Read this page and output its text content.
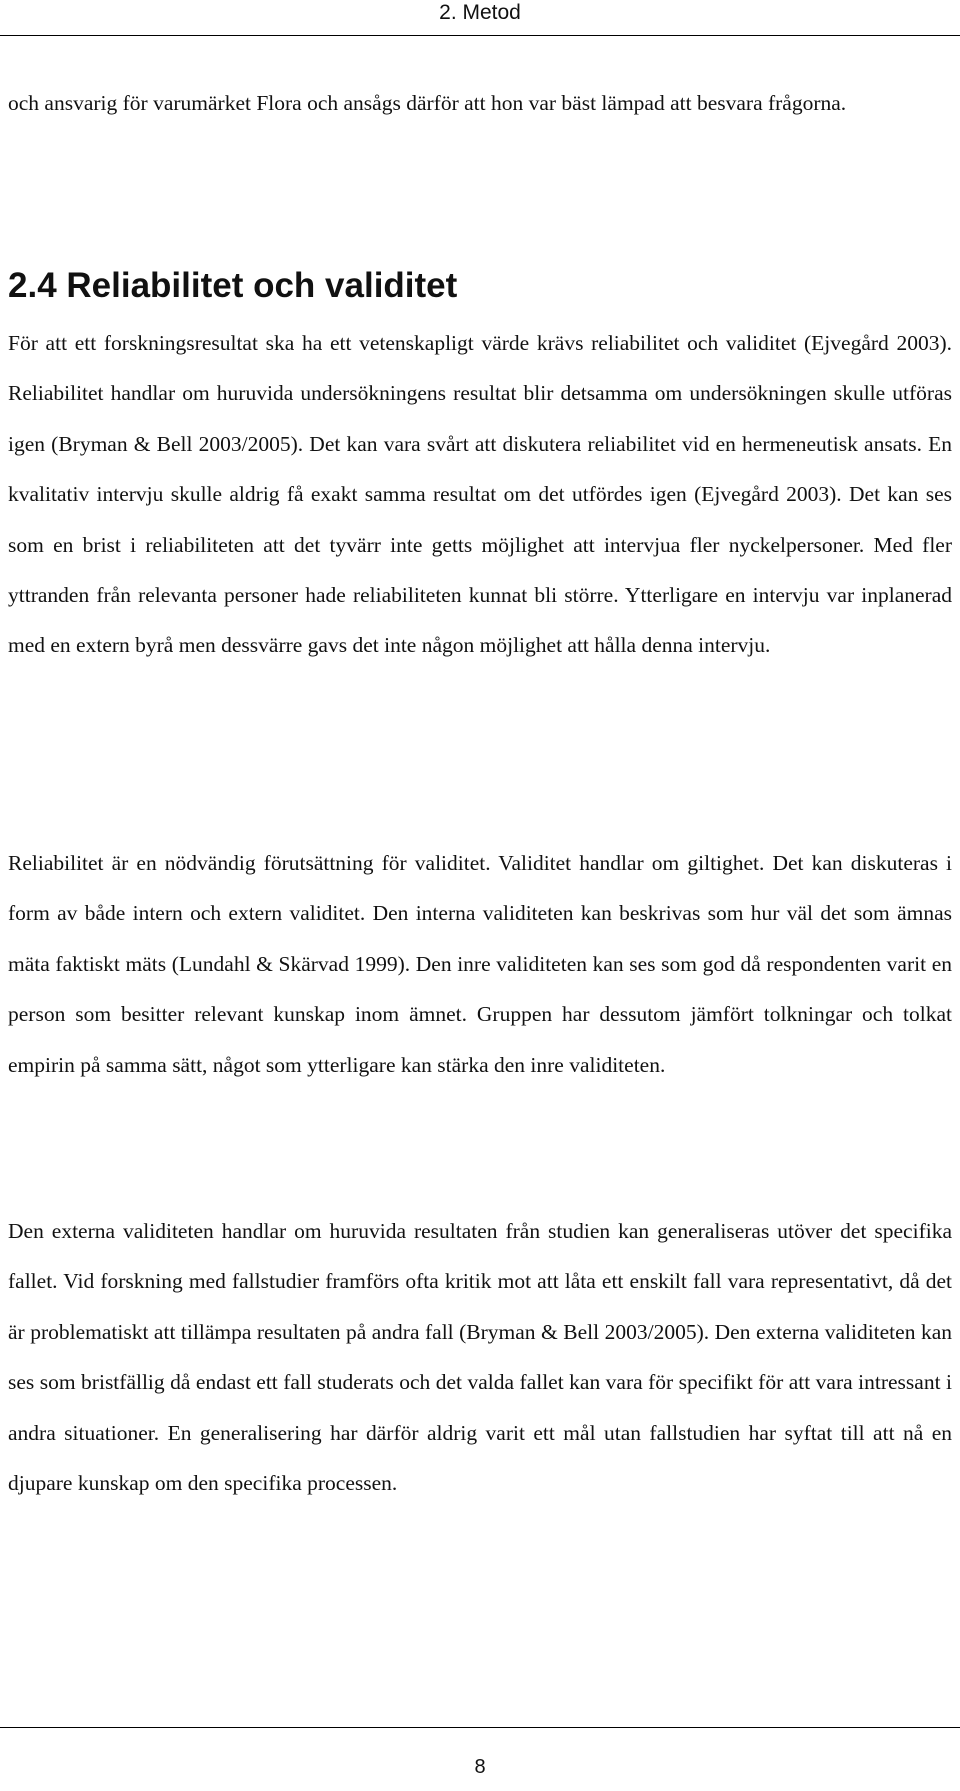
2. Metod

och ansvarig för varumärket Flora och ansågs därför att hon var bäst lämpad att besvara frågorna.

2.4 Reliabilitet och validitet

För att ett forskningsresultat ska ha ett vetenskapligt värde krävs reliabilitet och validitet (Ejvegård 2003). Reliabilitet handlar om huruvida undersökningens resultat blir detsamma om undersökningen skulle utföras igen (Bryman & Bell 2003/2005). Det kan vara svårt att diskutera reliabilitet vid en hermeneutisk ansats. En kvalitativ intervju skulle aldrig få exakt samma resultat om det utfördes igen (Ejvegård 2003). Det kan ses som en brist i reliabiliteten att det tyvärr inte getts möjlighet att intervjua fler nyckelpersoner. Med fler yttranden från relevanta personer hade reliabiliteten kunnat bli större. Ytterligare en intervju var inplanerad med en extern byrå men dessvärre gavs det inte någon möjlighet att hålla denna intervju.

Reliabilitet är en nödvändig förutsättning för validitet. Validitet handlar om giltighet. Det kan diskuteras i form av både intern och extern validitet. Den interna validiteten kan beskrivas som hur väl det som ämnas mäta faktiskt mäts (Lundahl & Skärvad 1999). Den inre validiteten kan ses som god då respondenten varit en person som besitter relevant kunskap inom ämnet. Gruppen har dessutom jämfört tolkningar och tolkat empirin på samma sätt, något som ytterligare kan stärka den inre validiteten.

Den externa validiteten handlar om huruvida resultaten från studien kan generaliseras utöver det specifika fallet. Vid forskning med fallstudier framförs ofta kritik mot att låta ett enskilt fall vara representativt, då det är problematiskt att tillämpa resultaten på andra fall (Bryman & Bell 2003/2005). Den externa validiteten kan ses som bristfällig då endast ett fall studerats och det valda fallet kan vara för specifikt för att vara intressant i andra situationer. En generalisering har därför aldrig varit ett mål utan fallstudien har syftat till att nå en djupare kunskap om den specifika processen.

8
